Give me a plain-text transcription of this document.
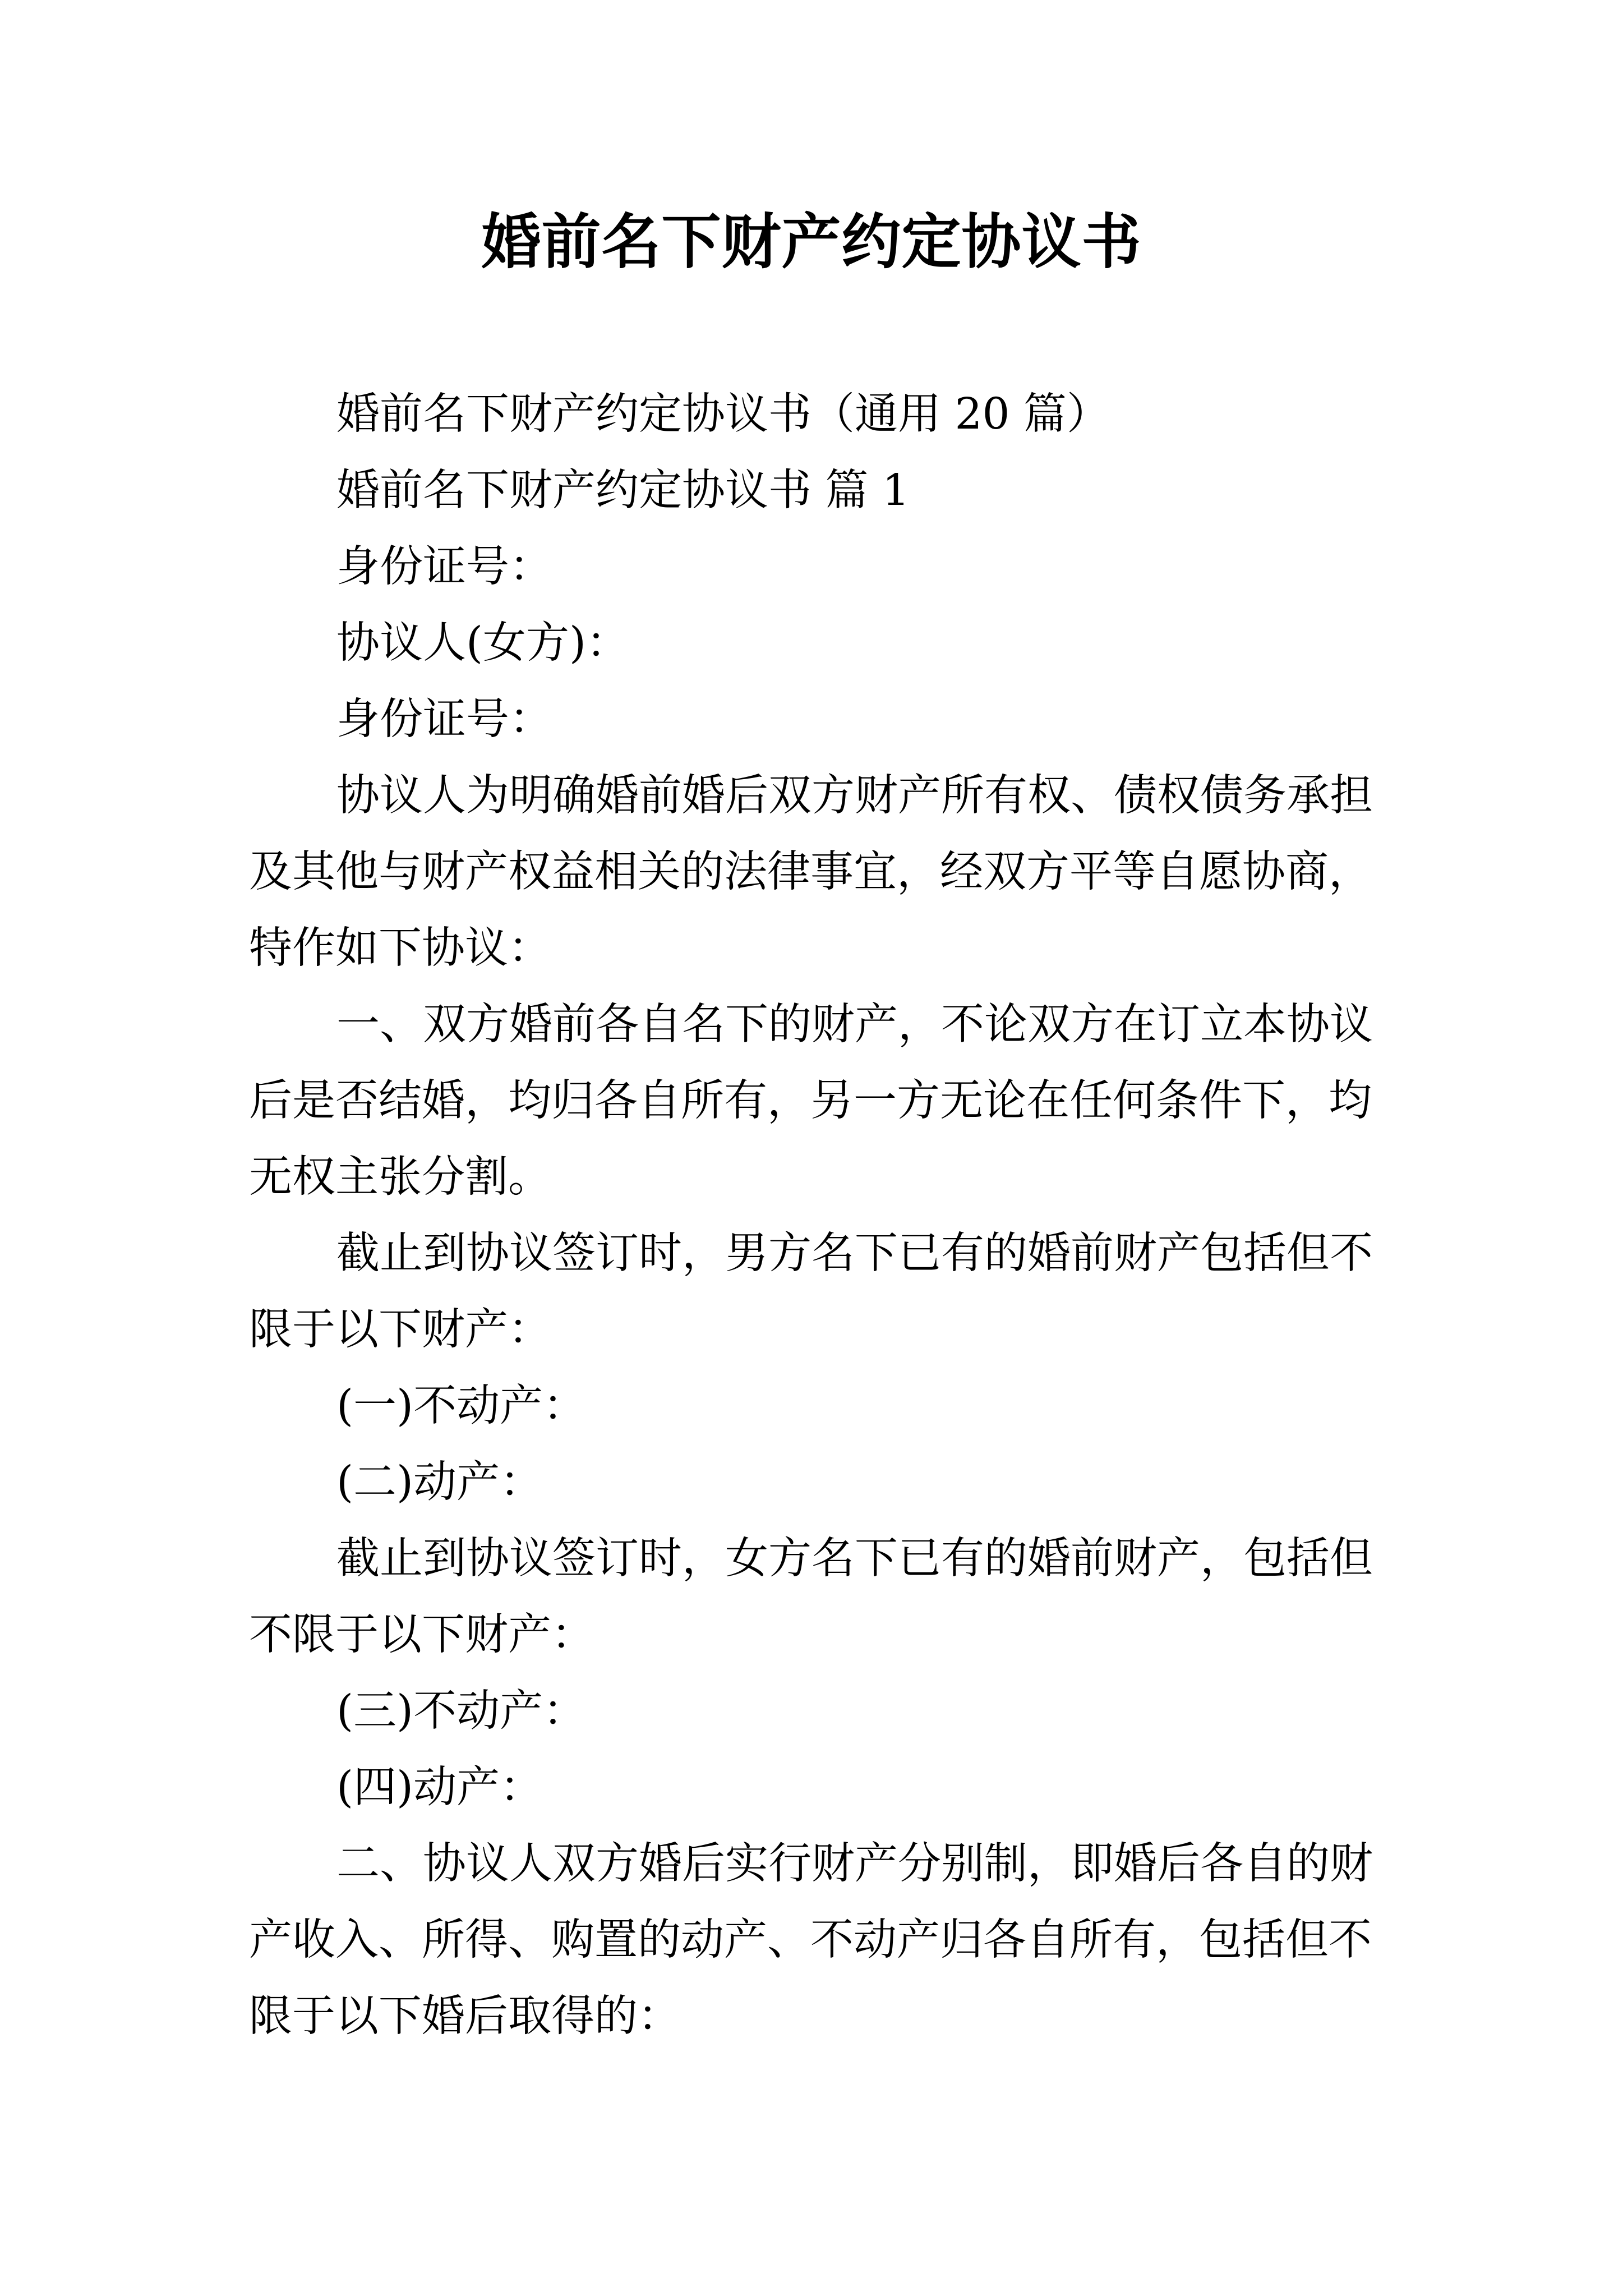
婚前名下财产约定协议书
婚前名下财产约定协议书（通用 20 篇）
婚前名下财产约定协议书 篇 1
身份证号：
协议人(女方)：
身份证号：
协议人为明确婚前婚后双方财产所有权、债权债务承担
及其他与财产权益相关的法律事宜，经双方平等自愿协商，
特作如下协议：
一、双方婚前各自名下的财产，不论双方在订立本协议
后是否结婚，均归各自所有，另一方无论在任何条件下，均
无权主张分割。
截止到协议签订时，男方名下已有的婚前财产包括但不
限于以下财产：
(一)不动产：
(二)动产：
截止到协议签订时，女方名下已有的婚前财产，包括但
不限于以下财产：
(三)不动产：
(四)动产：
二、协议人双方婚后实行财产分别制，即婚后各自的财
产收入、所得、购置的动产、不动产归各自所有，包括但不
限于以下婚后取得的：
